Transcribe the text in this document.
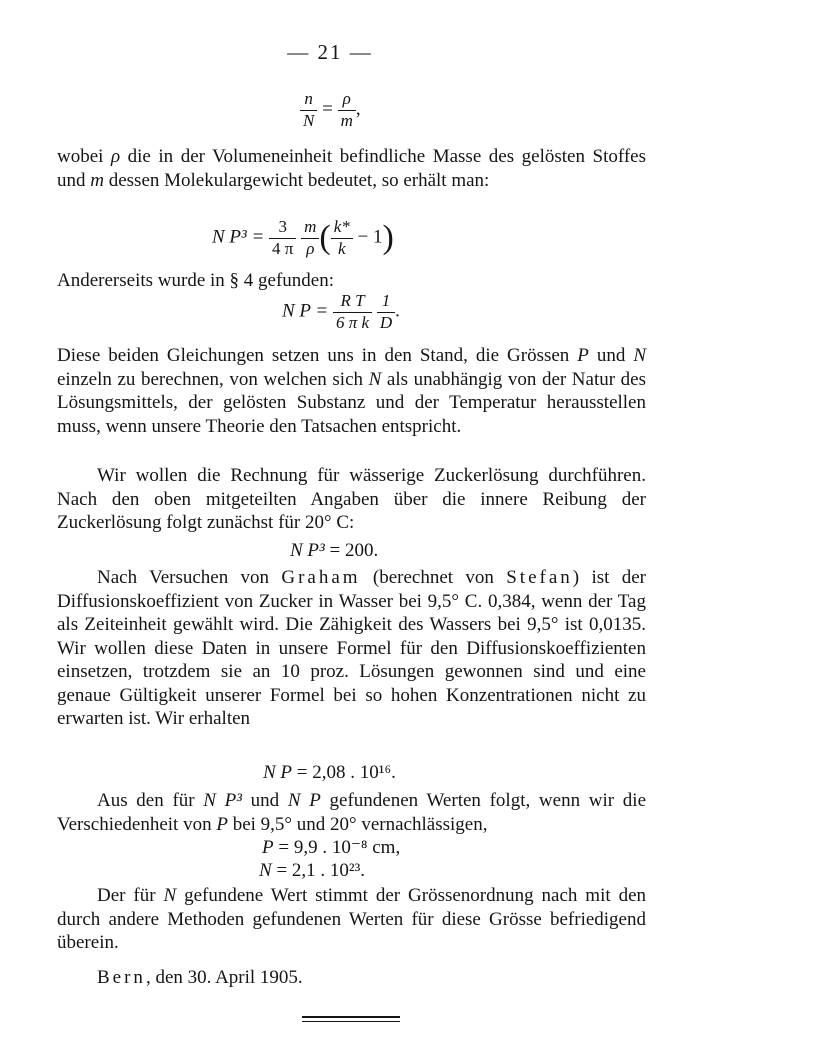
— 21 —
$\frac{n}{N} = \frac{\rho}{m}$ ,

wobei ρ die in der Volumeneinheit befindliche Masse des gelösten Stoffes und m dessen Molekulargewicht bedeutet, so erhält man:

N $P^3 = \frac{3}{4 \pi}$
$\frac{m}{\rho}$ ( $\frac{k*}{k} - 1$)

Andererseits wurde in § 4 gefunden:

N $P = \frac{\text{R T}}{\text{6 π k}}$
$\frac{1}{D}$ .

Diese beiden Gleichungen setzen uns in den Stand, die Grössen P und N einzeln zu berechnen, von welchen sich N als unabhängig von der Natur des Lösungsmittels, der gelösten Substanz und der Temperatur herausstellen muss, wenn unsere Theorie den Tatsachen entspricht.

Wir wollen die Rechnung für wässerige Zuckerlösung durchführen. Nach den oben mitgeteilten Angaben über die innere Reibung der Zuckerlösung folgt zunächst für 20° C:

N P³ = 200.

Nach Versuchen von Graham (berechnet von Stefan) ist der Diffusionskoeffizient von Zucker in Wasser bei 9,5° C. 0,384, wenn der Tag als Zeiteinheit gewählt wird. Die Zähigkeit des Wassers bei 9,5° ist 0,0135. Wir wollen diese Daten in unsere Formel für den Diffusionskoeffizienten einsetzen, trotzdem sie an 10 proz. Lösungen gewonnen sind und eine genaue Gültigkeit unserer Formel bei so hohen Konzentrationen nicht zu erwarten ist. Wir erhalten

N P = 2,08 . 10¹⁶.

Aus den für N P³ und N P gefundenen Werten folgt, wenn wir die Verschiedenheit von P bei 9,5° und 20° vernachlässigen,

P = 9,9 . 10⁻⁸ cm,
N = 2,1 . 10²³.

Der für N gefundene Wert stimmt der Grössenordnung nach mit den durch andere Methoden gefundenen Werten für diese Grösse befriedigend überein.

Bern, den 30. April 1905.
